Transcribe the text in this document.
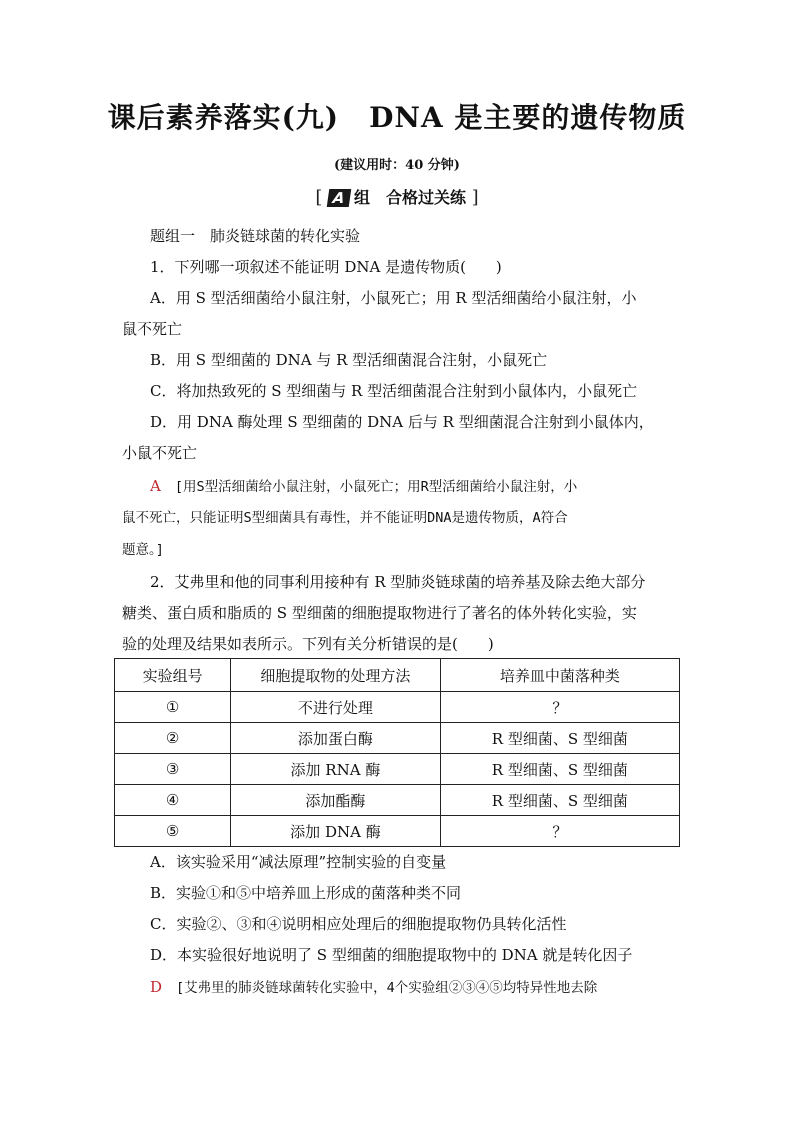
课后素养落实(九) DNA 是主要的遗传物质
(建议用时：40 分钟)
[ A 组　合格过关练 ]
题组一　肺炎链球菌的转化实验
1．下列哪一项叙述不能证明 DNA 是遗传物质(　　)
A．用 S 型活细菌给小鼠注射，小鼠死亡；用 R 型活细菌给小鼠注射，小
鼠不死亡
B．用 S 型细菌的 DNA 与 R 型活细菌混合注射，小鼠死亡
C．将加热致死的 S 型细菌与 R 型活细菌混合注射到小鼠体内，小鼠死亡
D．用 DNA 酶处理 S 型细菌的 DNA 后与 R 型细菌混合注射到小鼠体内，
小鼠不死亡
A [用S型活细菌给小鼠注射，小鼠死亡；用R型活细菌给小鼠注射，小
鼠不死亡，只能证明S型细菌具有毒性，并不能证明DNA是遗传物质，A符合
题意。]
2．艾弗里和他的同事利用接种有 R 型肺炎链球菌的培养基及除去绝大部分
糖类、蛋白质和脂质的 S 型细菌的细胞提取物进行了著名的体外转化实验，实
验的处理及结果如表所示。下列有关分析错误的是(　　)
实验组号	细胞提取物的处理方法	培养皿中菌落种类
①	不进行处理	？
②	添加蛋白酶	R 型细菌、S 型细菌
③	添加 RNA 酶	R 型细菌、S 型细菌
④	添加酯酶	R 型细菌、S 型细菌
⑤	添加 DNA 酶	？
A．该实验采用“减法原理”控制实验的自变量
B．实验①和⑤中培养皿上形成的菌落种类不同
C．实验②、③和④说明相应处理后的细胞提取物仍具转化活性
D．本实验很好地说明了 S 型细菌的细胞提取物中的 DNA 就是转化因子
D [艾弗里的肺炎链球菌转化实验中，4个实验组②③④⑤均特异性地去除
